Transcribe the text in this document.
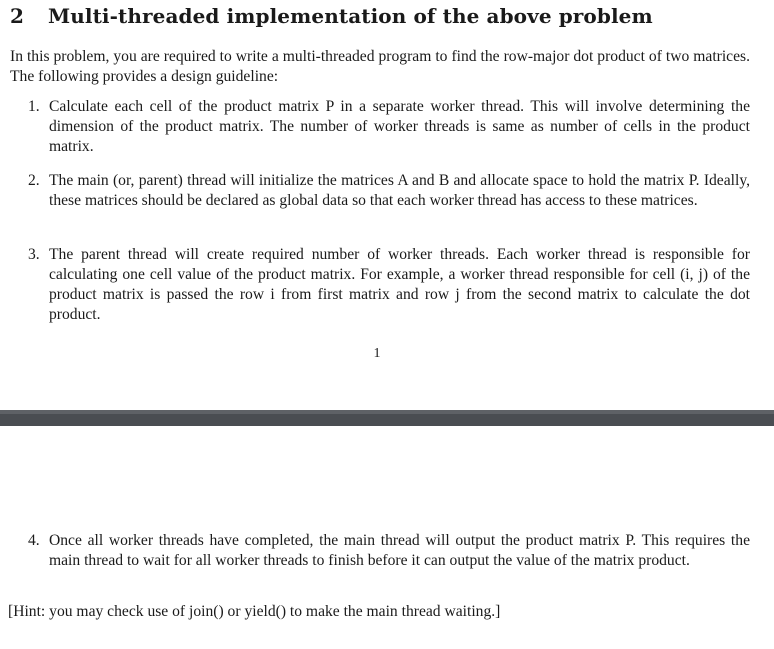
2 Multi-threaded implementation of the above problem

In this problem, you are required to write a multi-threaded program to find the row-major dot product of two matrices. The following provides a design guideline:

1. Calculate each cell of the product matrix P in a separate worker thread. This will involve determining the dimension of the product matrix. The number of worker threads is same as number of cells in the product matrix.

2. The main (or, parent) thread will initialize the matrices A and B and allocate space to hold the matrix P. Ideally, these matrices should be declared as global data so that each worker thread has access to these matrices.

3. The parent thread will create required number of worker threads. Each worker thread is responsible for calculating one cell value of the product matrix. For example, a worker thread responsible for cell (i, j) of the product matrix is passed the row i from first matrix and row j from the second matrix to calculate the dot product.

1
4. Once all worker threads have completed, the main thread will output the product matrix P. This requires the main thread to wait for all worker threads to finish before it can output the value of the matrix product.

[Hint: you may check use of join() or yield() to make the main thread waiting.]
